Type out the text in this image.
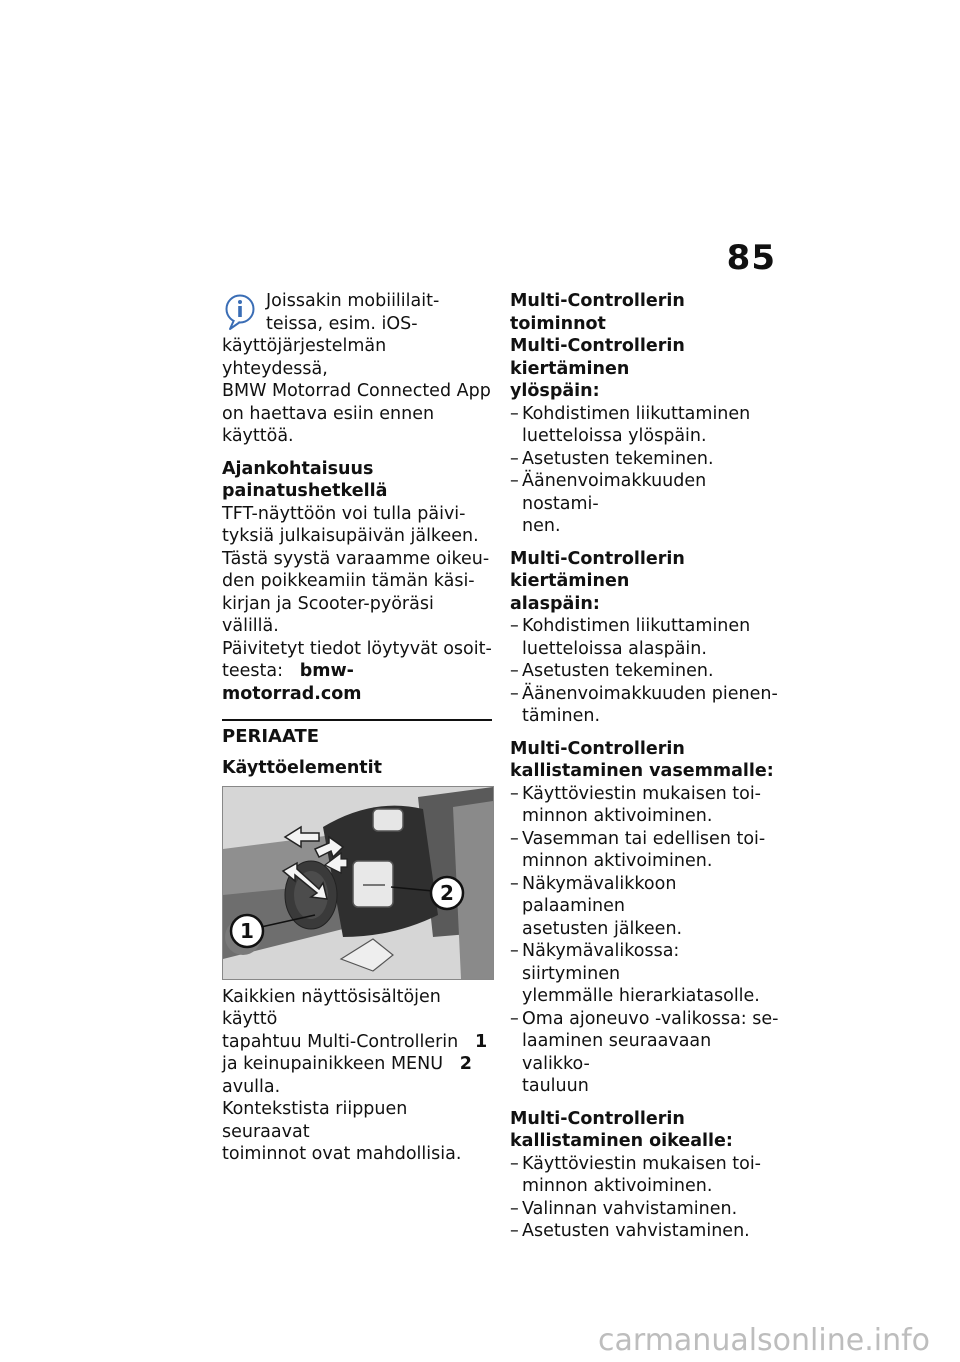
85
Joissakin mobiililait-
teissa, esim. iOS-
käyttöjärjestelmän yhteydessä,
BMW Motorrad Connected App
on haettava esiin ennen
käyttöä.
Ajankohtaisuus
painatushetkellä
TFT-näyttöön voi tulla päivi-
tyksiä julkaisupäivän jälkeen.
Tästä syystä varaamme oikeu-
den poikkeamiin tämän käsi-
kirjan ja Scooter-pyöräsi välillä.
Päivitetyt tiedot löytyvät osoit-
teesta: bmw-motorrad.com
PERIAATE
Käyttöelementit
1
2
Kaikkien näyttösisältöjen käyttö
tapahtuu Multi-Controllerin 1
ja keinupainikkeen MENU 2
avulla.
Kontekstista riippuen seuraavat
toiminnot ovat mahdollisia.
Multi-Controllerin toiminnot
Multi-Controllerin kiertäminen
ylöspäin:
– Kohdistimen liikuttaminen
luetteloissa ylöspäin.
– Asetusten tekeminen.
– Äänenvoimakkuuden nostami-
nen.
Multi-Controllerin kiertäminen
alaspäin:
– Kohdistimen liikuttaminen
luetteloissa alaspäin.
– Asetusten tekeminen.
– Äänenvoimakkuuden pienen-
täminen.
Multi-Controllerin
kallistaminen vasemmalle:
– Käyttöviestin mukaisen toi-
minnon aktivoiminen.
– Vasemman tai edellisen toi-
minnon aktivoiminen.
– Näkymävalikkoon palaaminen
asetusten jälkeen.
– Näkymävalikossa: siirtyminen
ylemmälle hierarkiatasolle.
– Oma ajoneuvo -valikossa: se-
laaminen seuraavaan valikko-
tauluun
Multi-Controllerin
kallistaminen oikealle:
– Käyttöviestin mukaisen toi-
minnon aktivoiminen.
– Valinnan vahvistaminen.
– Asetusten vahvistaminen.
carmanualsonline.info
